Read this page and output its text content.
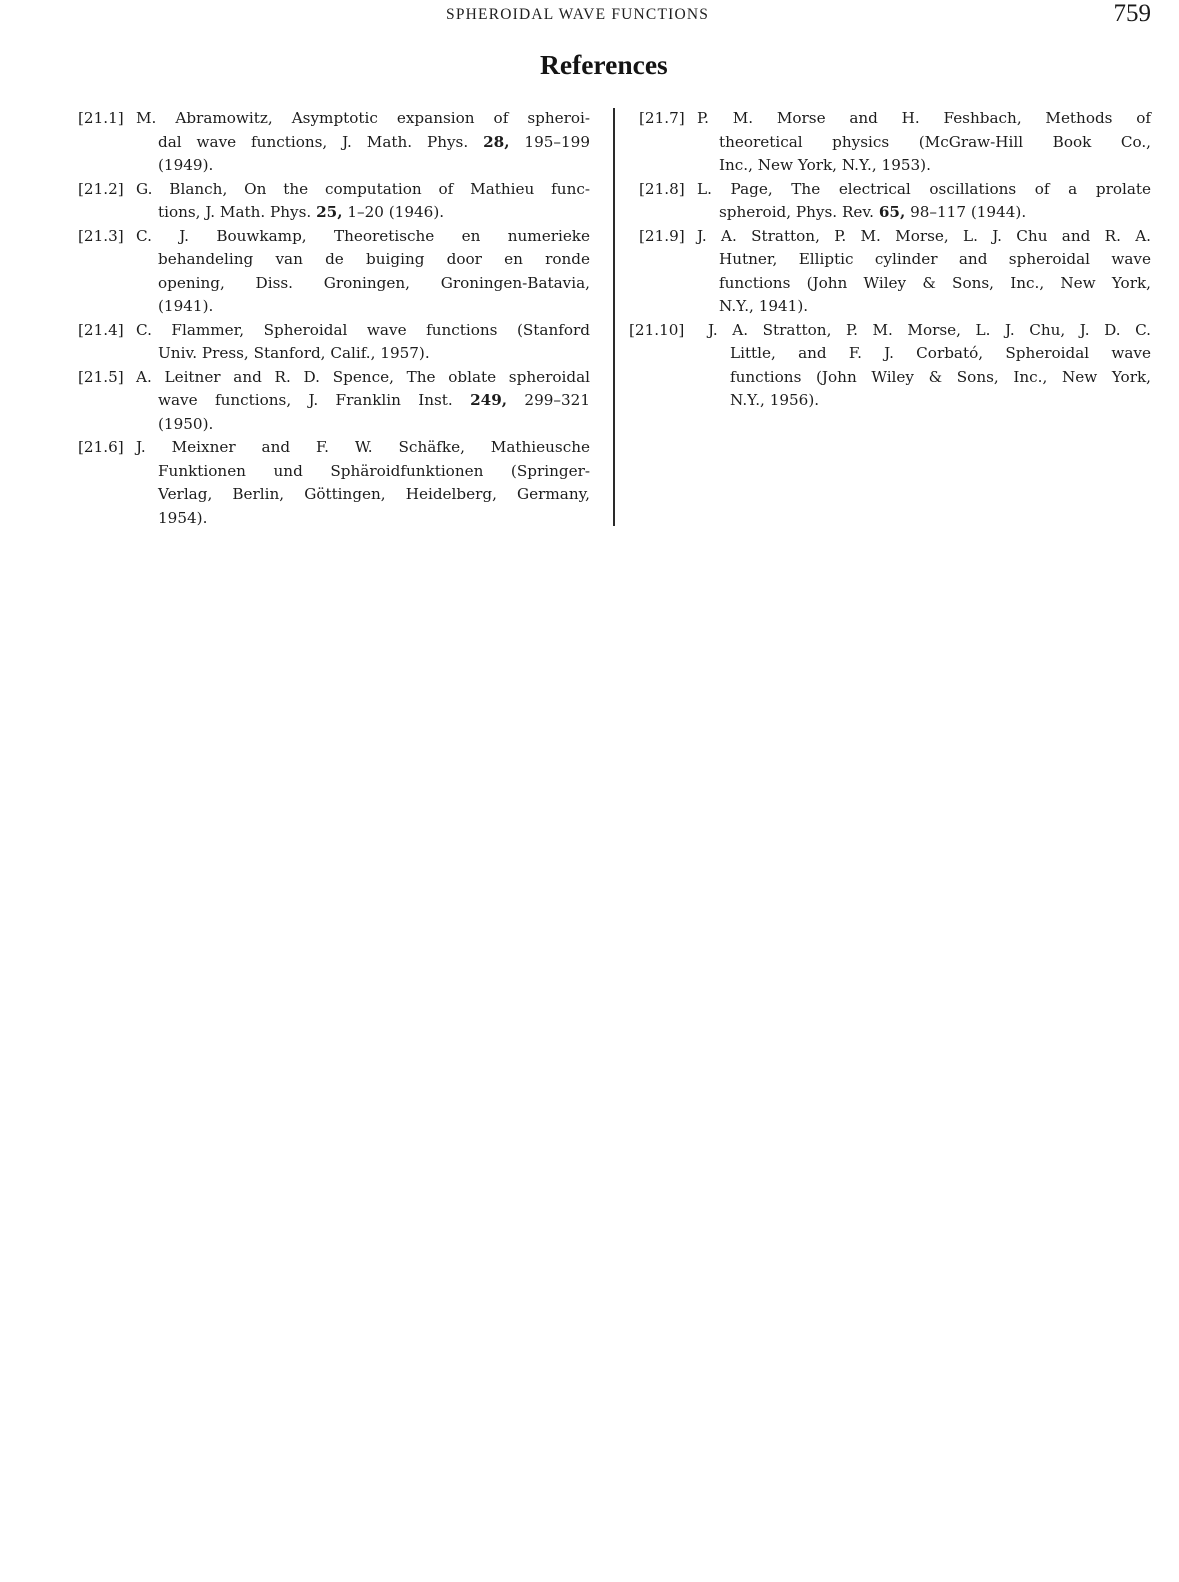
SPHEROIDAL WAVE FUNCTIONS	759
References
[21.1] M. Abramowitz, Asymptotic expansion of spheroi-
dal wave functions, J. Math. Phys. 28, 195–199
(1949).
[21.2] G. Blanch, On the computation of Mathieu func-
tions, J. Math. Phys. 25, 1–20 (1946).
[21.3] C. J. Bouwkamp, Theoretische en numerieke
behandeling van de buiging door en ronde
opening, Diss. Groningen, Groningen-Batavia,
(1941).
[21.4] C. Flammer, Spheroidal wave functions (Stanford
Univ. Press, Stanford, Calif., 1957).
[21.5] A. Leitner and R. D. Spence, The oblate spheroidal
wave functions, J. Franklin Inst. 249, 299–321
(1950).
[21.6] J. Meixner and F. W. Schäfke, Mathieusche
Funktionen und Sphäroidfunktionen (Springer-
Verlag, Berlin, Göttingen, Heidelberg, Germany,
1954).
[21.7] P. M. Morse and H. Feshbach, Methods of
theoretical physics (McGraw-Hill Book Co.,
Inc., New York, N.Y., 1953).
[21.8] L. Page, The electrical oscillations of a prolate
spheroid, Phys. Rev. 65, 98–117 (1944).
[21.9] J. A. Stratton, P. M. Morse, L. J. Chu and R. A.
Hutner, Elliptic cylinder and spheroidal wave
functions (John Wiley & Sons, Inc., New York,
N.Y., 1941).
[21.10]	J. A. Stratton, P. M. Morse, L. J. Chu, J. D. C.
Little, and F. J. Corbató, Spheroidal wave
functions (John Wiley & Sons, Inc., New York,
N.Y., 1956).
